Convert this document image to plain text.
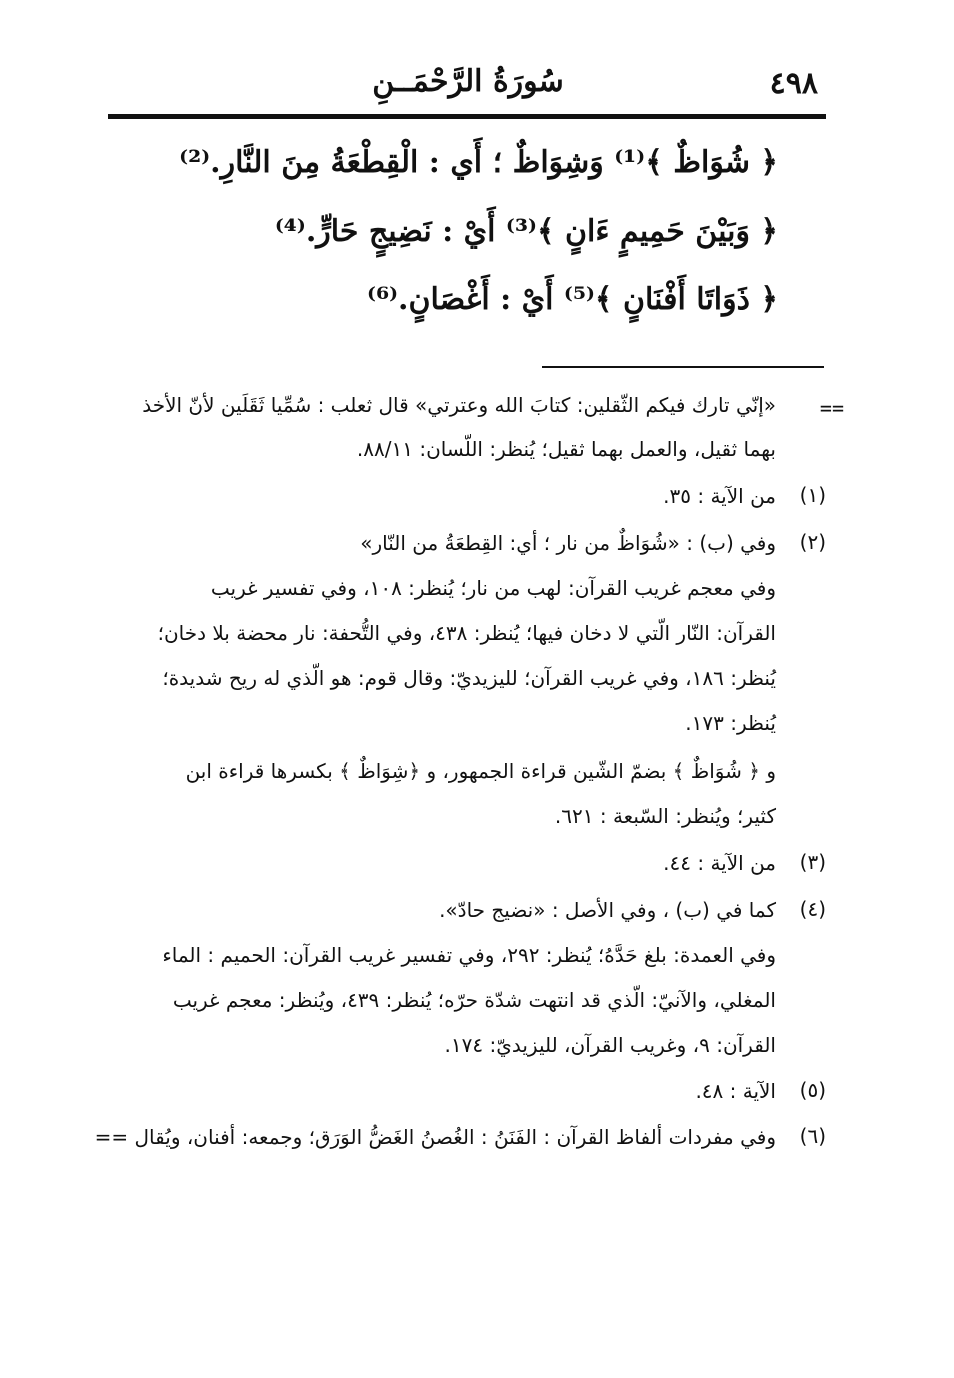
٤٩٨
سُورَةُ الرَّحْمَــنِ
﴿ شُوَاظٌ ﴾⁽¹⁾ وَشِوَاظٌ ؛ أَي : الْقِطْعَةُ مِنَ النَّارِ.⁽²⁾
﴿ وَبَيْنَ حَمِيمٍ ءَانٍ ﴾⁽³⁾ أَيْ : نَضِيجٍ حَارٍّ.⁽⁴⁾
﴿ ذَوَاتَا أَفْنَانٍ ﴾⁽⁵⁾ أَيْ : أَغْصَانٍ.⁽⁶⁾
==
«إنّي تارك فيكم الثّقلين: كتابَ الله وعترتي» قال ثعلب : سُمِّيا ثَقَلَين لأنّ الأخذ
بهما ثقيل، والعمل بهما ثقيل؛ يُنظر: اللّسان: ٨٨/١١.
(١)
من الآية : ٣٥.
(٢)
وفي (ب) : «شُوَاظٌ من نار ؛ أي: القِطعَةُ من النّار»
وفي معجم غريب القرآن: لهب من نار؛ يُنظر: ١٠٨، وفي تفسير غريب
القرآن: النّار الّتي لا دخان فيها؛ يُنظر: ٤٣٨، وفي التُّحفة: نار محضة بلا دخان؛
يُنظر: ١٨٦، وفي غريب القرآن؛ لليزيديّ: وقال قوم: هو الّذي له ريح شديدة؛
يُنظر: ١٧٣.
و ﴿ شُوَاظٌ ﴾ بضمّ الشّين قراءة الجمهور، و ﴿شِوَاظٌ ﴾ بكسرها قراءة ابن
كثير؛ ويُنظر: السّبعة : ٦٢١.
(٣)
من الآية : ٤٤.
(٤)
كما في (ب) ، وفي الأصل : «نضيج حادّ».
وفي العمدة: بلغ حَدَّهُ؛ يُنظر: ٢٩٢، وفي تفسير غريب القرآن: الحميم : الماء
المغلي، والآنيّ: الّذي قد انتهت شدّة حرّه؛ يُنظر: ٤٣٩، ويُنظر: معجم غريب
القرآن: ٩، وغريب القرآن، لليزيديّ: ١٧٤.
(٥)
الآية : ٤٨.
(٦)
وفي مفردات ألفاظ القرآن : الفَنَنُ : الغُصنُ الغَضُّ الوَرَق؛ وجمعه: أفنان، ويُقال ==
